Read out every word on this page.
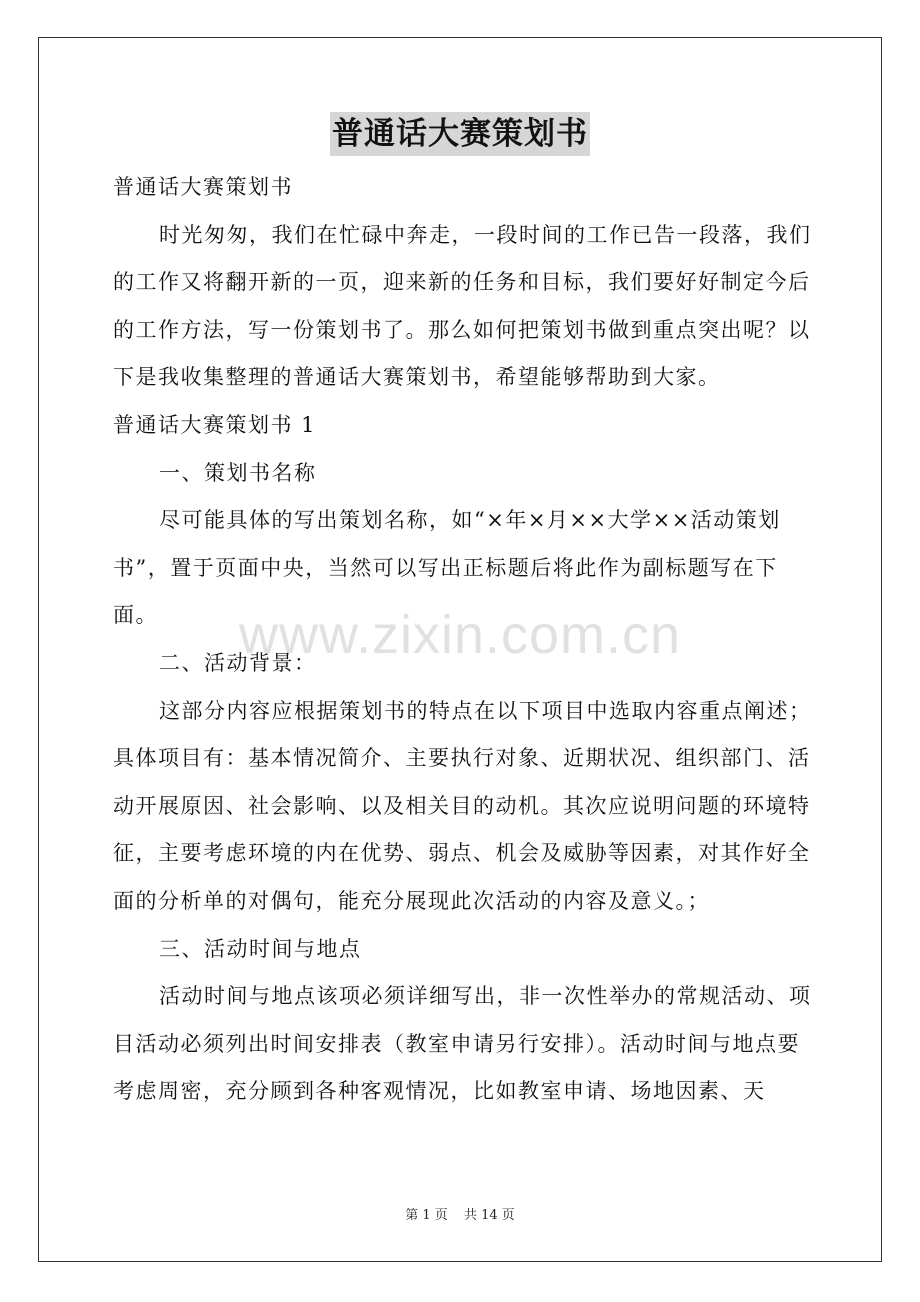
普通话大赛策划书

普通话大赛策划书

时光匆匆，我们在忙碌中奔走，一段时间的工作已告一段落，我们的工作又将翻开新的一页，迎来新的任务和目标，我们要好好制定今后的工作方法，写一份策划书了。那么如何把策划书做到重点突出呢？以下是我收集整理的普通话大赛策划书，希望能够帮助到大家。

普通话大赛策划书 1

一、策划书名称

尽可能具体的写出策划名称，如“×年×月××大学××活动策划书”，置于页面中央，当然可以写出正标题后将此作为副标题写在下面。

二、活动背景：

这部分内容应根据策划书的特点在以下项目中选取内容重点阐述；具体项目有：基本情况简介、主要执行对象、近期状况、组织部门、活动开展原因、社会影响、以及相关目的动机。其次应说明问题的环境特征，主要考虑环境的内在优势、弱点、机会及威胁等因素，对其作好全面的分析单的对偶句，能充分展现此次活动的内容及意义。；

三、活动时间与地点

活动时间与地点该项必须详细写出，非一次性举办的常规活动、项目活动必须列出时间安排表（教室申请另行安排）。活动时间与地点要考虑周密，充分顾到各种客观情况，比如教室申请、场地因素、天

www.zixin.com.cn
第 1 页 共 14 页
